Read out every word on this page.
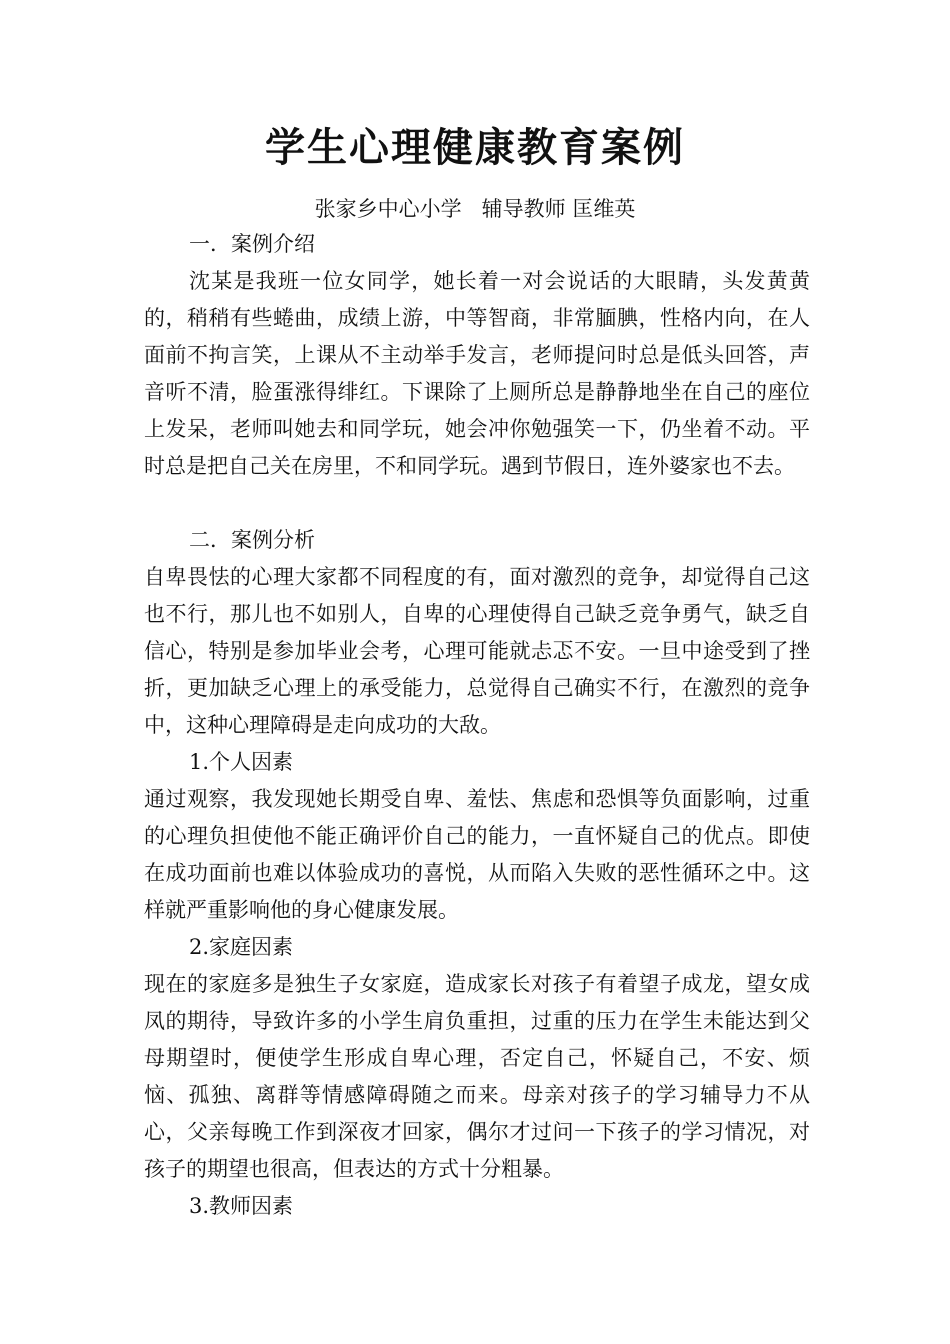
学生心理健康教育案例
张家乡中心小学   辅导教师 匡维英

一．案例介绍

沈某是我班一位女同学，她长着一对会说话的大眼睛，头发黄黄的，稍稍有些蜷曲，成绩上游，中等智商，非常腼腆，性格内向，在人面前不拘言笑，上课从不主动举手发言，老师提问时总是低头回答，声音听不清，脸蛋涨得绯红。下课除了上厕所总是静静地坐在自己的座位上发呆，老师叫她去和同学玩，她会冲你勉强笑一下，仍坐着不动。平时总是把自己关在房里，不和同学玩。遇到节假日，连外婆家也不去。

二．案例分析

自卑畏怯的心理大家都不同程度的有，面对激烈的竞争，却觉得自己这也不行，那儿也不如别人，自卑的心理使得自己缺乏竞争勇气，缺乏自信心，特别是参加毕业会考，心理可能就忐忑不安。一旦中途受到了挫折，更加缺乏心理上的承受能力，总觉得自己确实不行，在激烈的竞争中，这种心理障碍是走向成功的大敌。

1.个人因素

通过观察，我发现她长期受自卑、羞怯、焦虑和恐惧等负面影响，过重的心理负担使他不能正确评价自己的能力，一直怀疑自己的优点。即使在成功面前也难以体验成功的喜悦，从而陷入失败的恶性循环之中。这样就严重影响他的身心健康发展。

2.家庭因素

现在的家庭多是独生子女家庭，造成家长对孩子有着望子成龙，望女成凤的期待，导致许多的小学生肩负重担，过重的压力在学生未能达到父母期望时，便使学生形成自卑心理，否定自己，怀疑自己，不安、烦恼、孤独、离群等情感障碍随之而来。母亲对孩子的学习辅导力不从心，父亲每晚工作到深夜才回家，偶尔才过问一下孩子的学习情况，对孩子的期望也很高，但表达的方式十分粗暴。

3.教师因素
